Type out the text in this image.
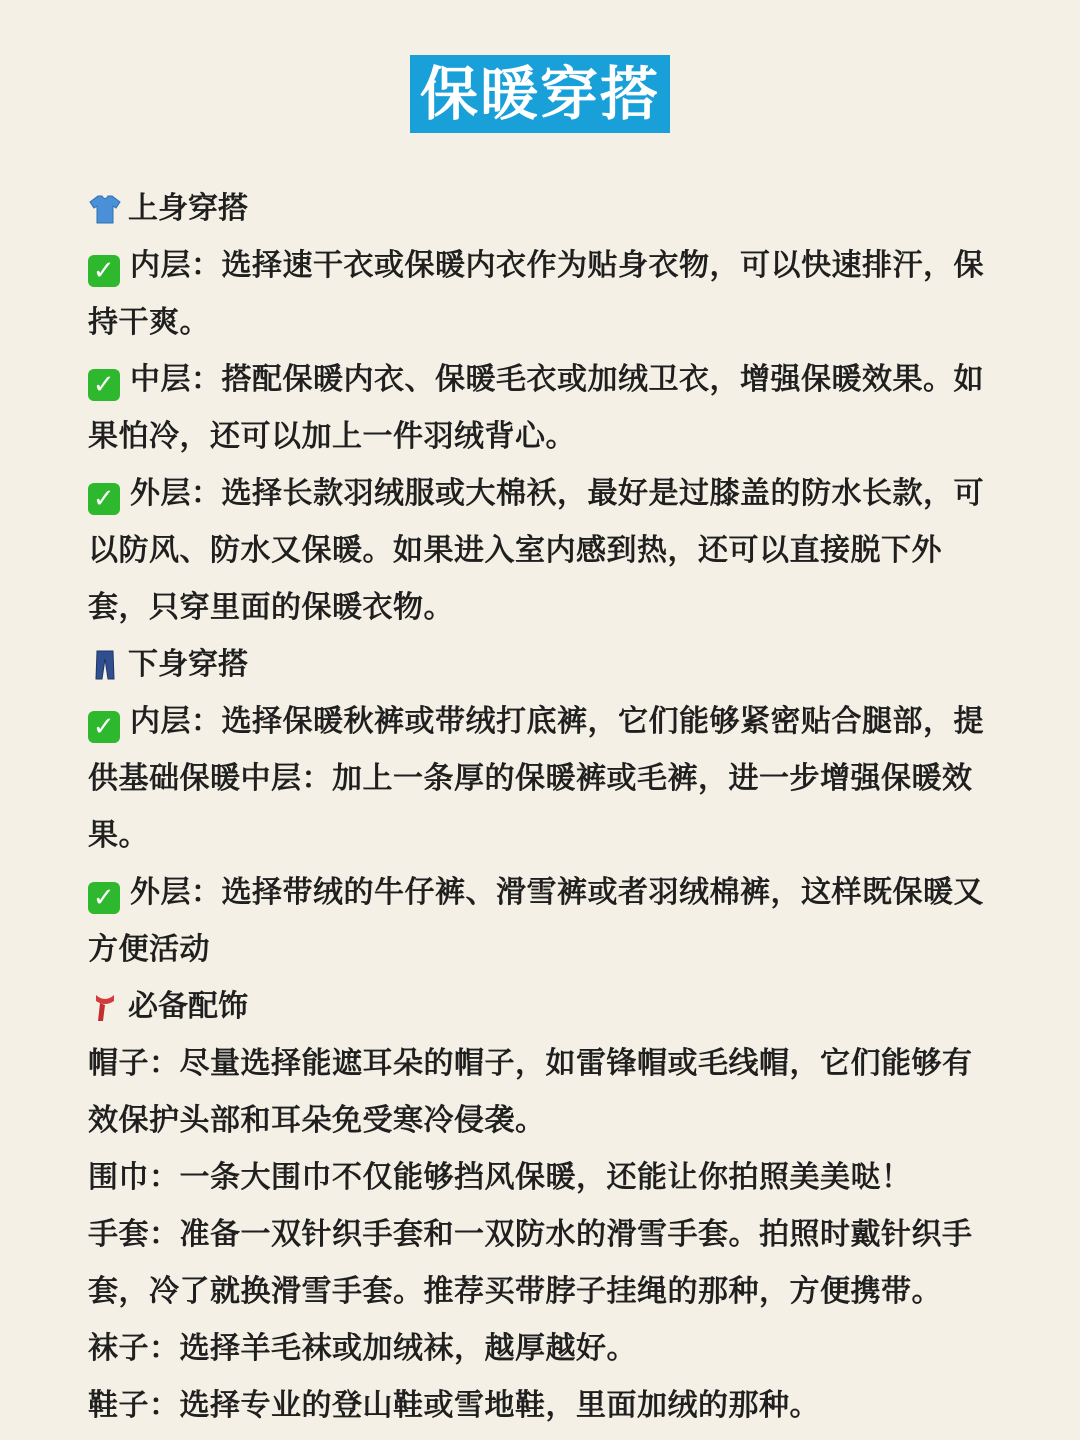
保暖穿搭
上身穿搭
✓ 内层：选择速干衣或保暖内衣作为贴身衣物，可以快速排汗，保持干爽。
✓ 中层：搭配保暖内衣、保暖毛衣或加绒卫衣，增强保暖效果。如果怕冷，还可以加上一件羽绒背心。
✓ 外层：选择长款羽绒服或大棉袄，最好是过膝盖的防水长款，可以防风、防水又保暖。如果进入室内感到热，还可以直接脱下外套，只穿里面的保暖衣物。
下身穿搭
✓ 内层：选择保暖秋裤或带绒打底裤，它们能够紧密贴合腿部，提供基础保暖中层：加上一条厚的保暖裤或毛裤，进一步增强保暖效果。
✓ 外层：选择带绒的牛仔裤、滑雪裤或者羽绒棉裤，这样既保暖又方便活动
必备配饰
帽子：尽量选择能遮耳朵的帽子，如雷锋帽或毛线帽，它们能够有效保护头部和耳朵免受寒冷侵袭。
围巾：一条大围巾不仅能够挡风保暖，还能让你拍照美美哒！
手套：准备一双针织手套和一双防水的滑雪手套。拍照时戴针织手套，冷了就换滑雪手套。推荐买带脖子挂绳的那种，方便携带。
袜子：选择羊毛袜或加绒袜，越厚越好。
鞋子：选择专业的登山鞋或雪地鞋，里面加绒的那种。
